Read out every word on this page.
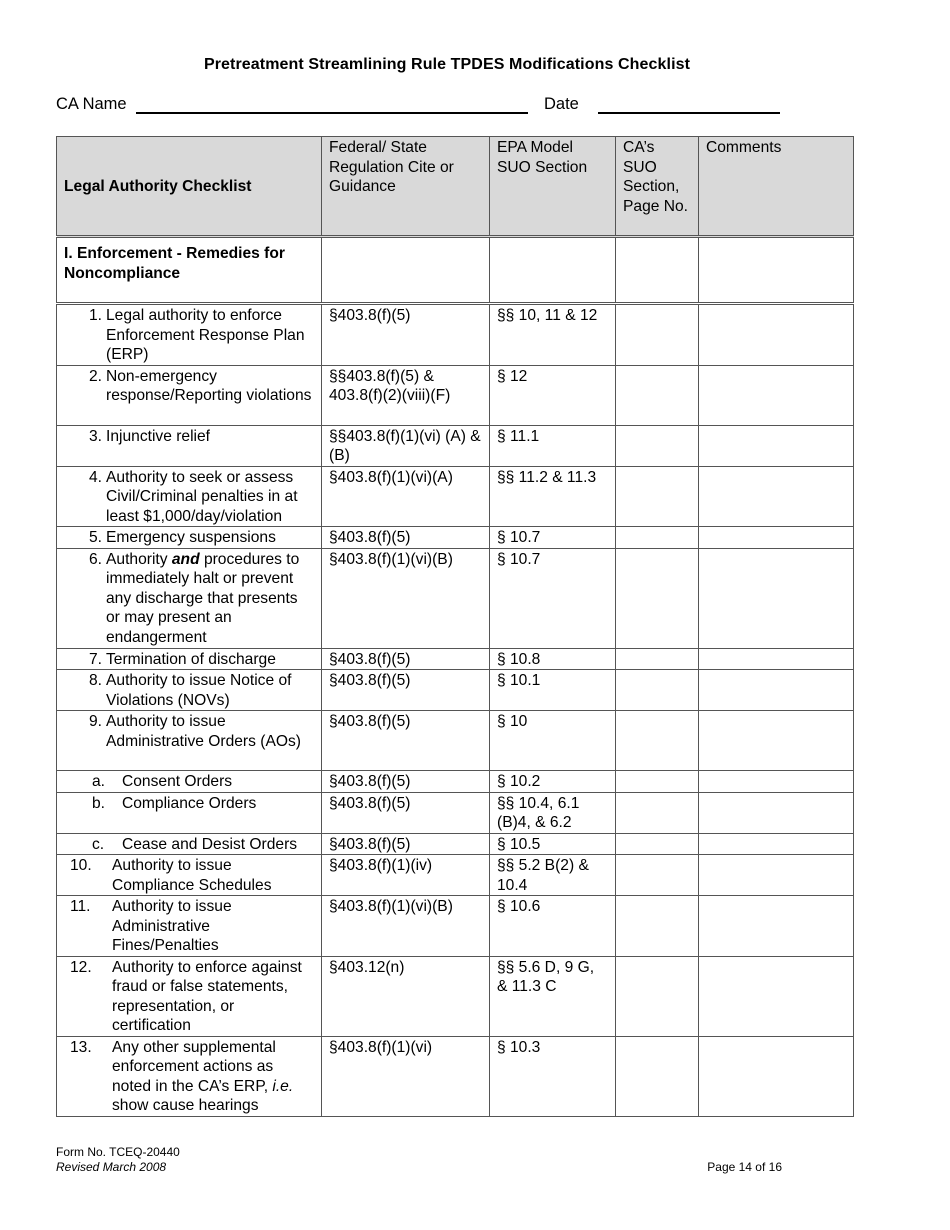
Pretreatment Streamlining Rule TPDES Modifications Checklist
CA Name	Date
Legal Authority Checklist	Federal/ State Regulation Cite or Guidance	EPA Model SUO Section	CA’s SUO Section, Page No.	Comments
I. Enforcement - Remedies for Noncompliance				

1. Legal authority to enforce Enforcement Response Plan (ERP)	§403.8(f)(5)	§§ 10, 11 & 12		

2. Non-emergency response/Reporting violations	§§403.8(f)(5) & 403.8(f)(2)(viii)(F)	§ 12		

3. Injunctive relief	§§403.8(f)(1)(vi) (A) & (B)	§ 11.1		

4. Authority to seek or assess Civil/Criminal penalties in at least $1,000/day/violation	§403.8(f)(1)(vi)(A)	§§ 11.2 & 11.3		

5. Emergency suspensions	§403.8(f)(5)	§ 10.7		

6. Authority and procedures to immediately halt or prevent any discharge that presents or may present an endangerment	§403.8(f)(1)(vi)(B)	§ 10.7		

7. Termination of discharge	§403.8(f)(5)	§ 10.8		

8. Authority to issue Notice of Violations (NOVs)	§403.8(f)(5)	§ 10.1		

9. Authority to issue Administrative Orders (AOs)	§403.8(f)(5)	§ 10		

a. Consent Orders	§403.8(f)(5)	§ 10.2		

b. Compliance Orders	§403.8(f)(5)	§§ 10.4, 6.1 (B)4, & 6.2		

c. Cease and Desist Orders	§403.8(f)(5)	§ 10.5		

10. Authority to issue Compliance Schedules	§403.8(f)(1)(iv)	§§ 5.2 B(2) & 10.4		

11. Authority to issue Administrative Fines/Penalties	§403.8(f)(1)(vi)(B)	§ 10.6		

12. Authority to enforce against fraud or false statements, representation, or certification	§403.12(n)	§§ 5.6 D, 9 G, & 11.3 C		

13. Any other supplemental enforcement actions as noted in the CA’s ERP, i.e. show cause hearings	§403.8(f)(1)(vi)	§ 10.3		
Form No. TCEQ-20440
Revised March 2008	Page 14 of 16
